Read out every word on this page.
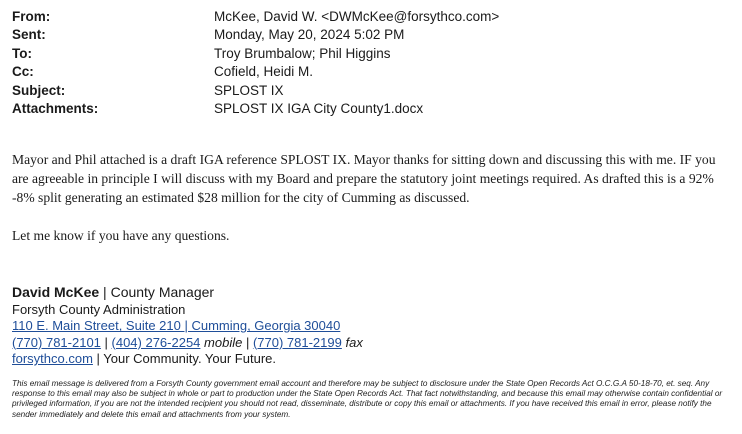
From:	McKee, David W. <DWMcKee@forsythco.com>
Sent:	Monday, May 20, 2024 5:02 PM
To:	Troy Brumbalow; Phil Higgins
Cc:	Cofield, Heidi M.
Subject:	SPLOST IX
Attachments:	SPLOST IX IGA City County1.docx

Mayor and Phil attached is a draft IGA reference SPLOST IX. Mayor thanks for sitting down and discussing this with me. IF you are agreeable in principle I will discuss with my Board and prepare the statutory joint meetings required. As drafted this is a 92% -8% split generating an estimated $28 million for the city of Cumming as discussed.

Let me know if you have any questions.

David McKee | County Manager
Forsyth County Administration
110 E. Main Street, Suite 210 | Cumming, Georgia 30040
(770) 781-2101 | (404) 276-2254 mobile | (770) 781-2199 fax
forsythco.com | Your Community. Your Future.
This email message is delivered from a Forsyth County government email account and therefore may be subject to disclosure under the State Open Records Act O.C.G.A 50-18-70, et. seq. Any response to this email may also be subject in whole or part to production under the State Open Records Act. That fact notwithstanding, and because this email may otherwise contain confidential or privileged information, if you are not the intended recipient you should not read, disseminate, distribute or copy this email or attachments. If you have received this email in error, please notify the sender immediately and delete this email and attachments from your system.
